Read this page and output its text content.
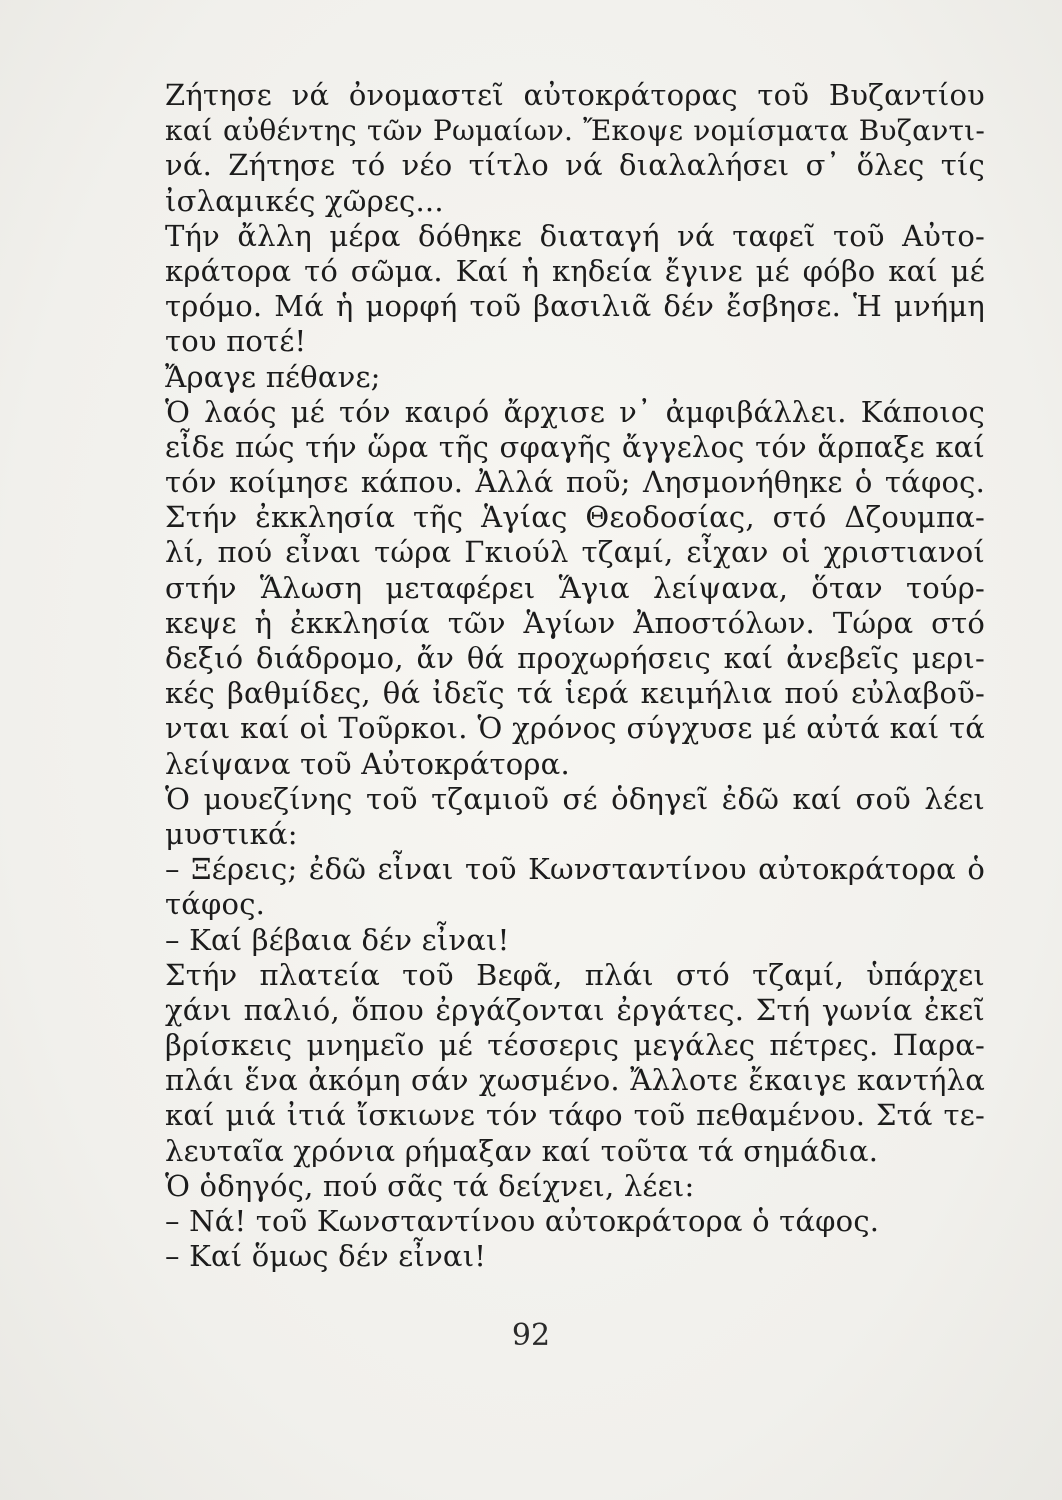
Ζήτησε νά ὀνομαστεῖ αὐτοκράτορας τοῦ Βυζαντίου
καί αὐθέντης τῶν Ρωμαίων. Ἔκοψε νομίσματα Βυζαντι-
νά. Ζήτησε τό νέο τίτλο νά διαλαλήσει σ᾿ ὅλες τίς
ἰσλαμικές χῶρες...
Τήν ἄλλη μέρα δόθηκε διαταγή νά ταφεῖ τοῦ Αὐτο-
κράτορα τό σῶμα. Καί ἡ κηδεία ἔγινε μέ φόβο καί μέ
τρόμο. Μά ἡ μορφή τοῦ βασιλιᾶ δέν ἔσβησε. Ἡ μνήμη
του ποτέ!
Ἄραγε πέθανε;
Ὁ λαός μέ τόν καιρό ἄρχισε ν᾿ ἀμφιβάλλει. Κάποιος
εἶδε πώς τήν ὥρα τῆς σφαγῆς ἄγγελος τόν ἅρπαξε καί
τόν κοίμησε κάπου. Ἀλλά ποῦ; Λησμονήθηκε ὁ τάφος.
Στήν ἐκκλησία τῆς Ἁγίας Θεοδοσίας, στό Δζουμπα-
λί, πού εἶναι τώρα Γκιούλ τζαμί, εἶχαν οἱ χριστιανοί
στήν Ἅλωση μεταφέρει Ἅγια λείψανα, ὅταν τούρ-
κεψε ἡ ἐκκλησία τῶν Ἁγίων Ἀποστόλων. Τώρα στό
δεξιό διάδρομο, ἄν θά προχωρήσεις καί ἀνεβεῖς μερι-
κές βαθμίδες, θά ἰδεῖς τά ἱερά κειμήλια πού εὐλαβοῦ-
νται καί οἱ Τοῦρκοι. Ὁ χρόνος σύγχυσε μέ αὐτά καί τά
λείψανα τοῦ Αὐτοκράτορα.
Ὁ μουεζίνης τοῦ τζαμιοῦ σέ ὁδηγεῖ ἐδῶ καί σοῦ λέει
μυστικά:
– Ξέρεις; ἐδῶ εἶναι τοῦ Κωνσταντίνου αὐτοκράτορα ὁ
τάφος.
– Καί βέβαια δέν εἶναι!
Στήν πλατεία τοῦ Βεφᾶ, πλάι στό τζαμί, ὑπάρχει
χάνι παλιό, ὅπου ἐργάζονται ἐργάτες. Στή γωνία ἐκεῖ
βρίσκεις μνημεῖο μέ τέσσερις μεγάλες πέτρες. Παρα-
πλάι ἕνα ἀκόμη σάν χωσμένο. Ἄλλοτε ἔκαιγε καντήλα
καί μιά ἰτιά ἴσκιωνε τόν τάφο τοῦ πεθαμένου. Στά τε-
λευταῖα χρόνια ρήμαξαν καί τοῦτα τά σημάδια.
Ὁ ὁδηγός, πού σᾶς τά δείχνει, λέει:
– Νά! τοῦ Κωνσταντίνου αὐτοκράτορα ὁ τάφος.
– Καί ὅμως δέν εἶναι!
92
